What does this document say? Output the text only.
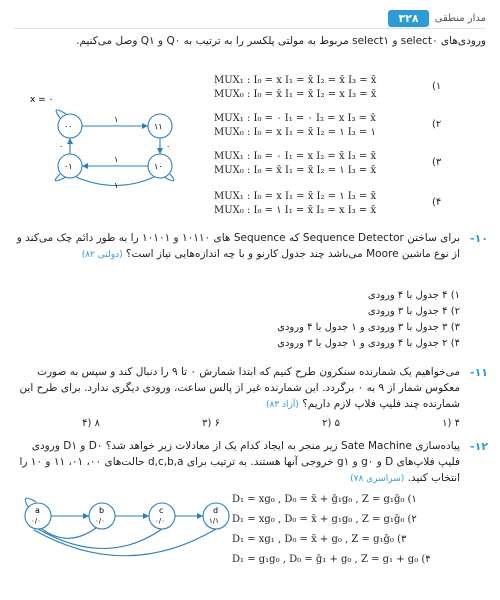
مدار منطقی
۳۲۸
ورودی‌های select۰ و select۱ مربوط به مولتی پلکسر را به ترتیب به Q۰ و Q۱ وصل می‌کنیم.
x = ۰
۰۰	۱۱
۰۱	۱۰
۱
۱
۰	۰
۱
MUX₁ : I₀ = x I₁ = x̄ I₂ = x̄ I₃ = x̄
MUX₀ : I₀ = x̄ I₁ = x̄ I₂ = x I₃ = x̄
(۱
MUX₁ : I₀ = ۰ I₁ = ۰ I₂ = x I₃ = x̄
MUX₀ : I₀ = x I₁ = x̄ I₂ = ۱ I₃ = ۱
(۲
MUX₁ : I₀ = ۰ I₁ = x I₂ = x̄ I₃ = x̄
MUX₀ : I₀ = x̄ I₁ = x̄ I₂ = ۱ I₃ = x̄
(۳
MUX₁ : I₀ = x I₁ = x̄ I₂ = ۱ I₃ = x̄
MUX₀ : I₀ = ۱ I₁ = x̄ I₂ = x I₃ = x̄
(۴
-۱۰
برای ساختن Sequence Detector که Sequence های ۱۰۱۱۰ و ۱۰۱۰۱ را به طور دائم چک می‌کند و از نوع ماشین Moore می‌باشد چند جدول کارنو و با چه اندازه‌هایی نیاز است؟ (دولتی ۸۲)
۱) ۴ جدول با ۴ ورودی
۲) ۴ جدول با ۳ ورودی
۳) ۳ جدول با ۳ ورودی و ۱ جدول با ۴ ورودی
۴) ۲ جدول با ۴ ورودی و ۱ جدول با ۳ ورودی
-۱۱
می‌خواهیم یک شمارنده سنکرون طرح کنیم که ابتدا شمارش ۰ تا ۹ را دنبال کند و سپس به صورت معکوس شمار از ۹ به ۰ برگردد. این شمارنده غیر از پالس ساعت، ورودی دیگری ندارد. برای طرح این شمارنده چند فلیپ فلاپ لازم داریم؟ (آزاد ۸۳)
۴ (۱
۵ (۲
۶ (۳
۸ (۴
-۱۲
پیاده‌سازی Sate Machine زیر منجر به ایجاد کدام یک از معادلات زیر خواهد شد؟ D۰ و D۱ ورودی فلیپ فلاپ‌های D و g۰ و g۱ خروجی آنها هستند. به ترتیب برای d,c,b,a حالت‌های ۰۰، ۰۱، ۱۱ و ۱۰ را انتخاب کنید. (سراسری ۷۸)
a
۰/۰
b
۰/۰
c
۰/۰
d
۱/۱
D₁ = xg₀ , D₀ = x̄ + ḡ₁g₀ , Z = g₁ḡ₀ (۱
D₁ = xg₀ , D₀ = x̄ + g₁g₀ , Z = g₁ḡ₀ (۲
D₁ = xg₁ , D₀ = x̄ + g₀ , Z = g₁ḡ₀ (۳
D₁ = g₁g₀ , D₀ = ḡ₁ + g₀ , Z = g₁ + g₀ (۴
